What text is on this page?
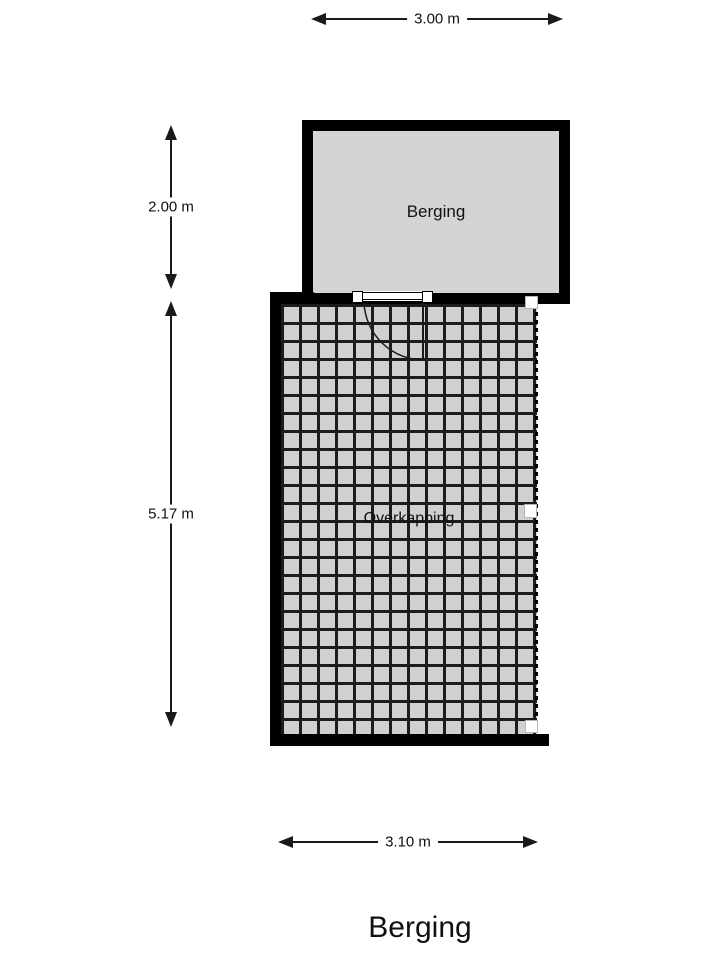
3.00 m
2.00 m
5.17 m
Berging
Overkapping
3.10 m
Berging
